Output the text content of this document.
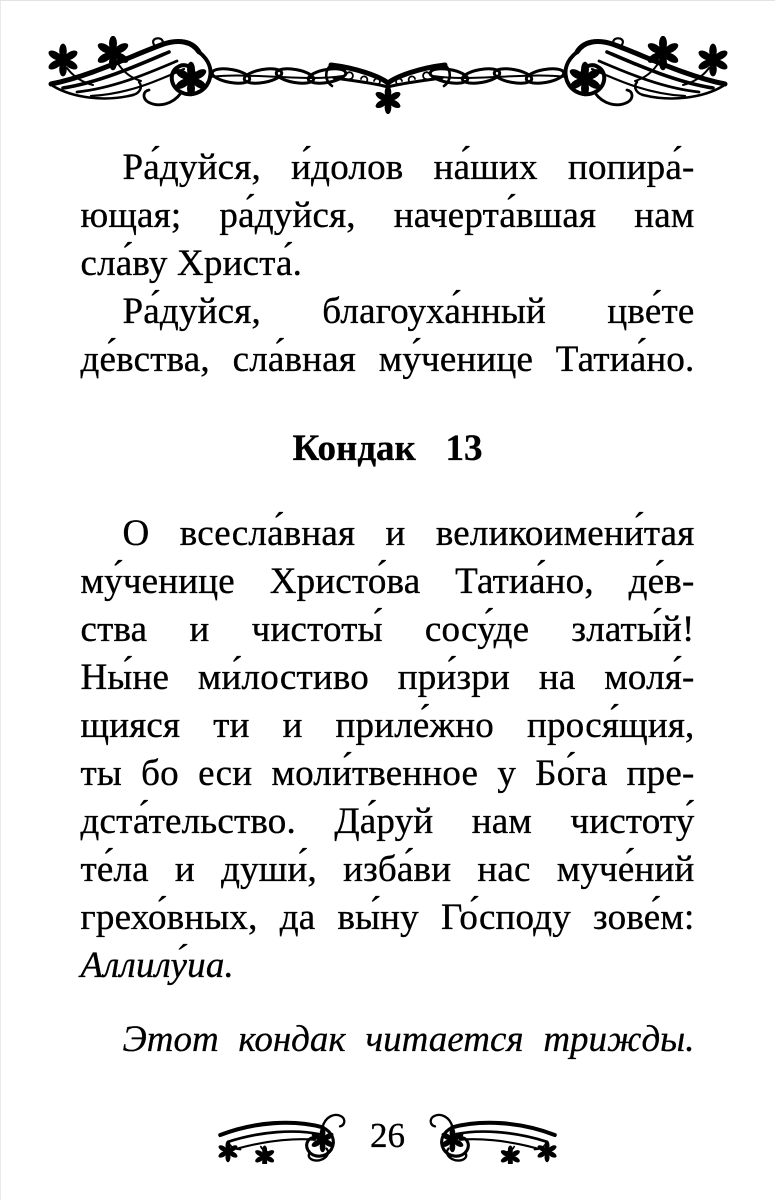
Ра́дуйся, и́долов на́ших попира́-
ющая; ра́дуйся, начерта́вшая нам
сла́ву Христа́.
Ра́дуйся, благоуха́нный цве́те
де́вства, сла́вная му́ченице Татиа́но.
Кондак 13
О всесла́вная и великоимени́тая
му́ченице Христо́ва Татиа́но, де́в-
ства и чистоты́ сосу́де златы́й!
Ны́не ми́лостиво при́зри на моля́-
щияся ти и приле́жно прося́щия,
ты бо еси моли́твенное у Бо́га пре-
дста́тельство. Да́руй нам чистоту́
те́ла и души́, изба́ви нас муче́ний
грехо́вных, да вы́ну Го́споду зове́м:
Аллилу́иа.
Этот кондак читается трижды.
26
